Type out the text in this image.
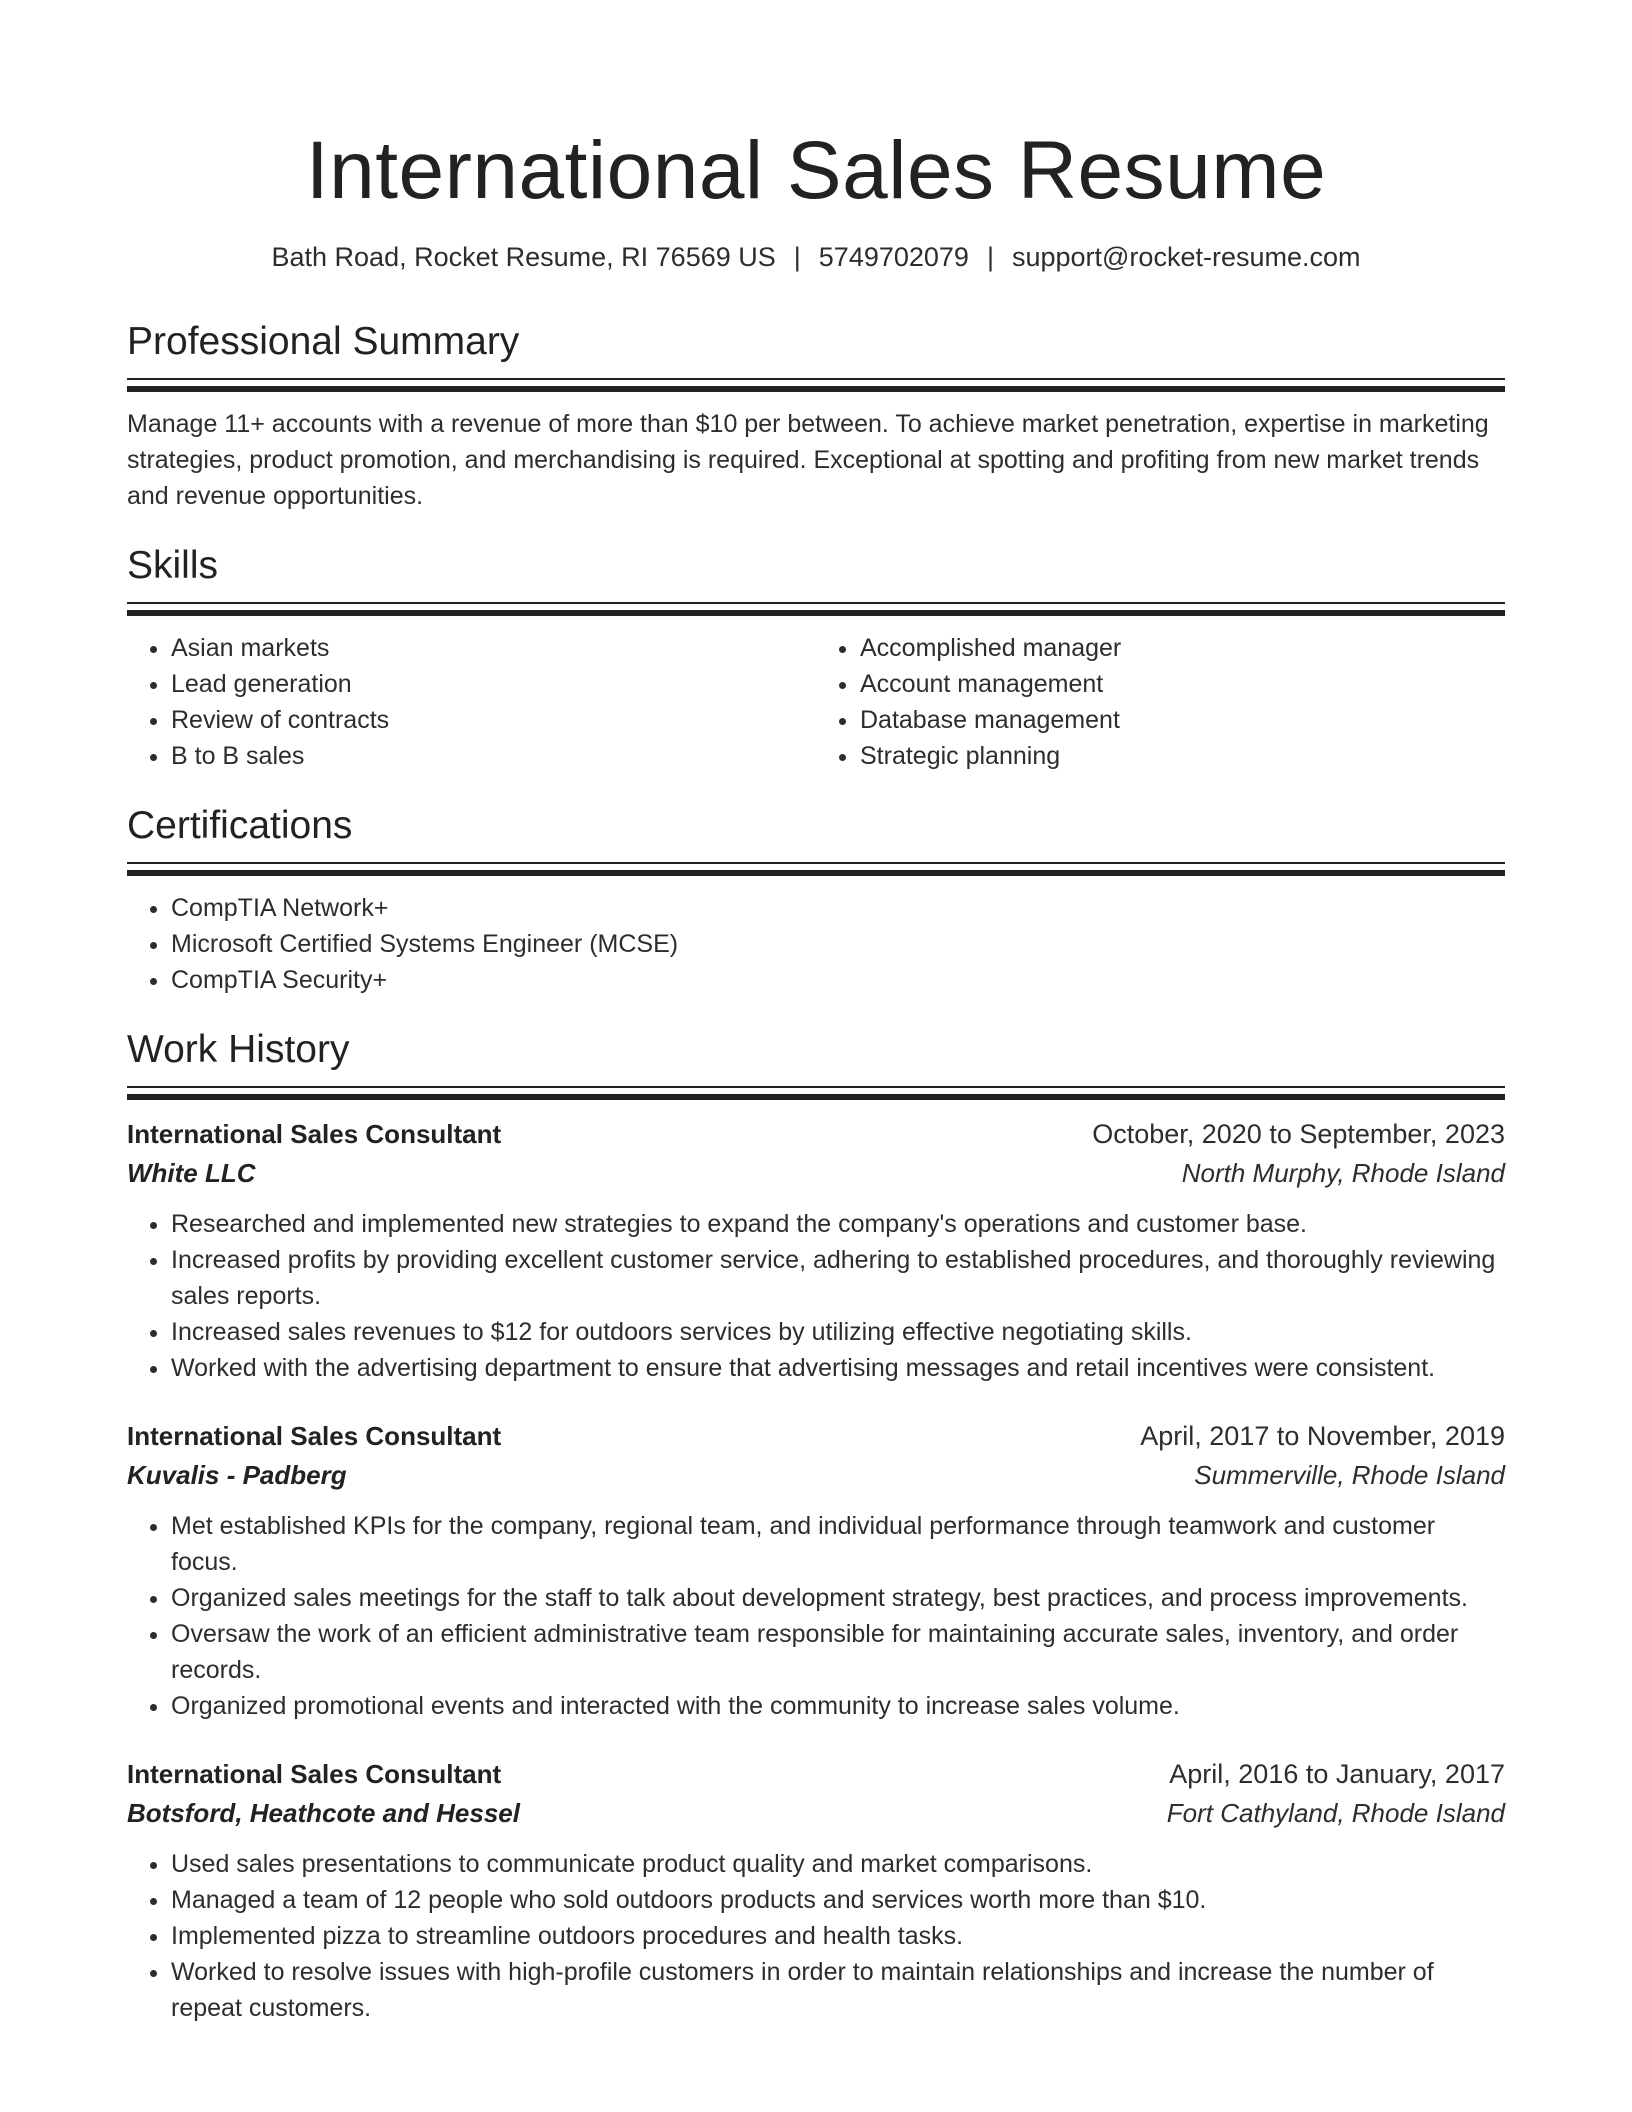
International Sales Resume
Bath Road, Rocket Resume, RI 76569 US | 5749702079 | support@rocket-resume.com
Professional Summary

Manage 11+ accounts with a revenue of more than $10 per between. To achieve market penetration, expertise in marketing strategies, product promotion, and merchandising is required. Exceptional at spotting and profiting from new market trends and revenue opportunities.

Skills
• Asian markets
• Lead generation
• Review of contracts
• B to B sales
• Accomplished manager
• Account management
• Database management
• Strategic planning
Certifications
• CompTIA Network+
• Microsoft Certified Systems Engineer (MCSE)
• CompTIA Security+
Work History
International Sales Consultant	October, 2020 to September, 2023
White LLC	North Murphy, Rhode Island
• Researched and implemented new strategies to expand the company's operations and customer base.
• Increased profits by providing excellent customer service, adhering to established procedures, and thoroughly reviewing sales reports.
• Increased sales revenues to $12 for outdoors services by utilizing effective negotiating skills.
• Worked with the advertising department to ensure that advertising messages and retail incentives were consistent.
International Sales Consultant	April, 2017 to November, 2019
Kuvalis - Padberg	Summerville, Rhode Island
• Met established KPIs for the company, regional team, and individual performance through teamwork and customer focus.
• Organized sales meetings for the staff to talk about development strategy, best practices, and process improvements.
• Oversaw the work of an efficient administrative team responsible for maintaining accurate sales, inventory, and order records.
• Organized promotional events and interacted with the community to increase sales volume.
International Sales Consultant	April, 2016 to January, 2017
Botsford, Heathcote and Hessel	Fort Cathyland, Rhode Island
• Used sales presentations to communicate product quality and market comparisons.
• Managed a team of 12 people who sold outdoors products and services worth more than $10.
• Implemented pizza to streamline outdoors procedures and health tasks.
• Worked to resolve issues with high-profile customers in order to maintain relationships and increase the number of repeat customers.
